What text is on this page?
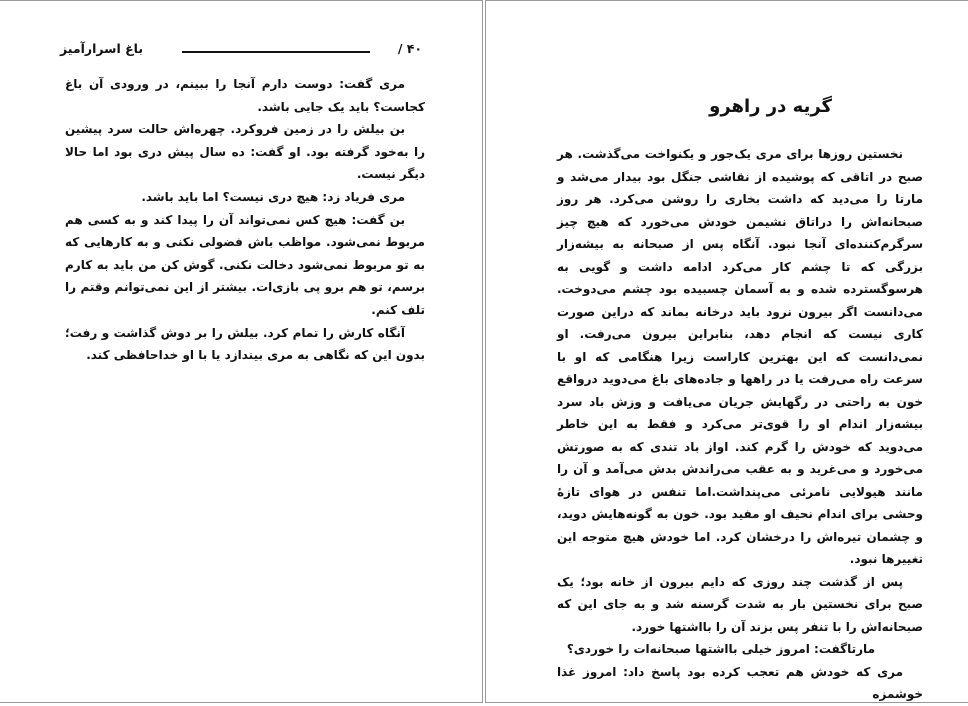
۴۰ /
باغ اسرارآمیز

مری گفت: دوست دارم آنجا را ببینم، در ورودی آن باغ کجاست؟ باید یک جایی باشد.

بن بیلش را در زمین فروکرد. چهره‌اش حالت سرد پیشین را به‌خود گرفته بود. او گفت: ده سال پیش دری بود اما حالا دیگر نیست.

مری فریاد زد: هیچ دری نیست؟ اما باید باشد.

بن گفت: هیچ کس نمی‌تواند آن را پیدا کند و به کسی هم مربوط نمی‌شود. مواظب باش فضولی نکنی و به کارهایی که به تو مربوط نمی‌شود دخالت نکنی. گوش کن من باید به کارم برسم، تو هم برو پی بازی‌ات. بیشتر از این نمی‌توانم وقتم را تلف کنم.

آنگاه کارش را تمام کرد. بیلش را بر دوش گذاشت و رفت؛ بدون این که نگاهی به مری بیندازد یا با او خداحافظی کند.

گریه در راهرو

نخستین روزها برای مری یک‌جور و یکنواخت می‌گذشت. هر صبح در اتاقی که پوشیده از نقاشی جنگل بود بیدار می‌شد و مارتا را می‌دید که داشت بخاری را روشن می‌کرد. هر روز صبحانه‌اش را دراتاق نشیمن خودش می‌خورد که هیچ چیز سرگرم‌کننده‌ای آنجا نبود. آنگاه پس از صبحانه به بیشه‌زار بزرگی که تا چشم کار می‌کرد ادامه داشت و گویی به هرسوگسترده شده و به آسمان چسبیده بود چشم می‌دوخت. می‌دانست اگر بیرون نرود باید درخانه بماند که دراین صورت کاری نیست که انجام دهد، بنابراین بیرون می‌رفت. او نمی‌دانست که این بهترین کاراست زیرا هنگامی که او با سرعت راه می‌رفت یا در راهها و جاده‌های باغ می‌دوید درواقع خون به راحتی در رگهایش جریان می‌یافت و وزش باد سرد بیشه‌زار اندام او را قوی‌تر می‌کرد و فقط به این خاطر می‌دوید که خودش را گرم کند. اواز باد تندی که به صورتش می‌خورد و می‌غرید و به عقب می‌راندش بدش می‌آمد و آن را مانند هیولایی نامرئی می‌پنداشت.اما تنفس در هوای تازهٔ وحشی برای اندام نحیف او مفید بود. خون به گونه‌هایش دوید، و چشمان تیره‌اش را درخشان کرد. اما خودش هیچ متوجه این تغییرها نبود.

پس از گذشت چند روزی که دایم بیرون از خانه بود؛ یک صبح برای نخستین بار به شدت گرسنه شد و به جای این که صبحانه‌اش را با تنفر پس بزند آن را بااشتها خورد.

مارتاگفت: امروز خیلی بااشتها صبحانه‌ات را خوردی؟

مری که خودش هم تعجب کرده بود پاسخ داد: امروز غذا خوشمزه
